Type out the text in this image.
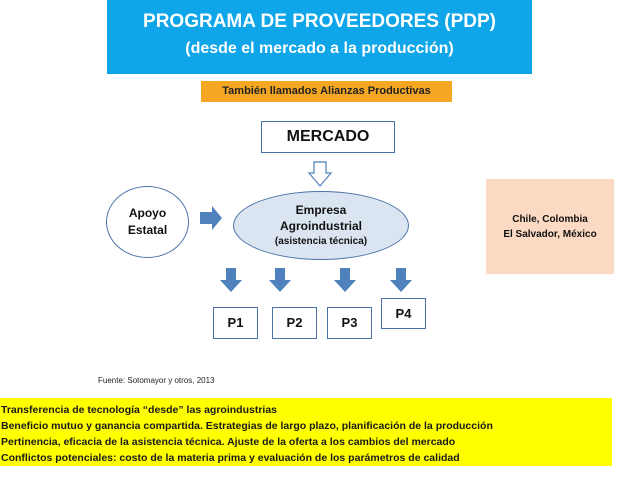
PROGRAMA DE PROVEEDORES (PDP)
(desde el mercado a la producción)
También llamados Alianzas Productivas
MERCADO
Apoyo
Estatal
Empresa
Agroindustrial
(asistencia técnica)
Chile, Colombia
El Salvador, México
P1	P2	P3
P4
Fuente: Sotomayor y otros, 2013
Transferencia de tecnología “desde” las agroindustrias
Beneficio mutuo y ganancia compartida. Estrategias de largo plazo, planificación de la producción
Pertinencia, eficacia de la asistencia técnica. Ajuste de la oferta a los cambios del mercado
Conflictos potenciales: costo de la materia prima y evaluación de los parámetros de calidad
